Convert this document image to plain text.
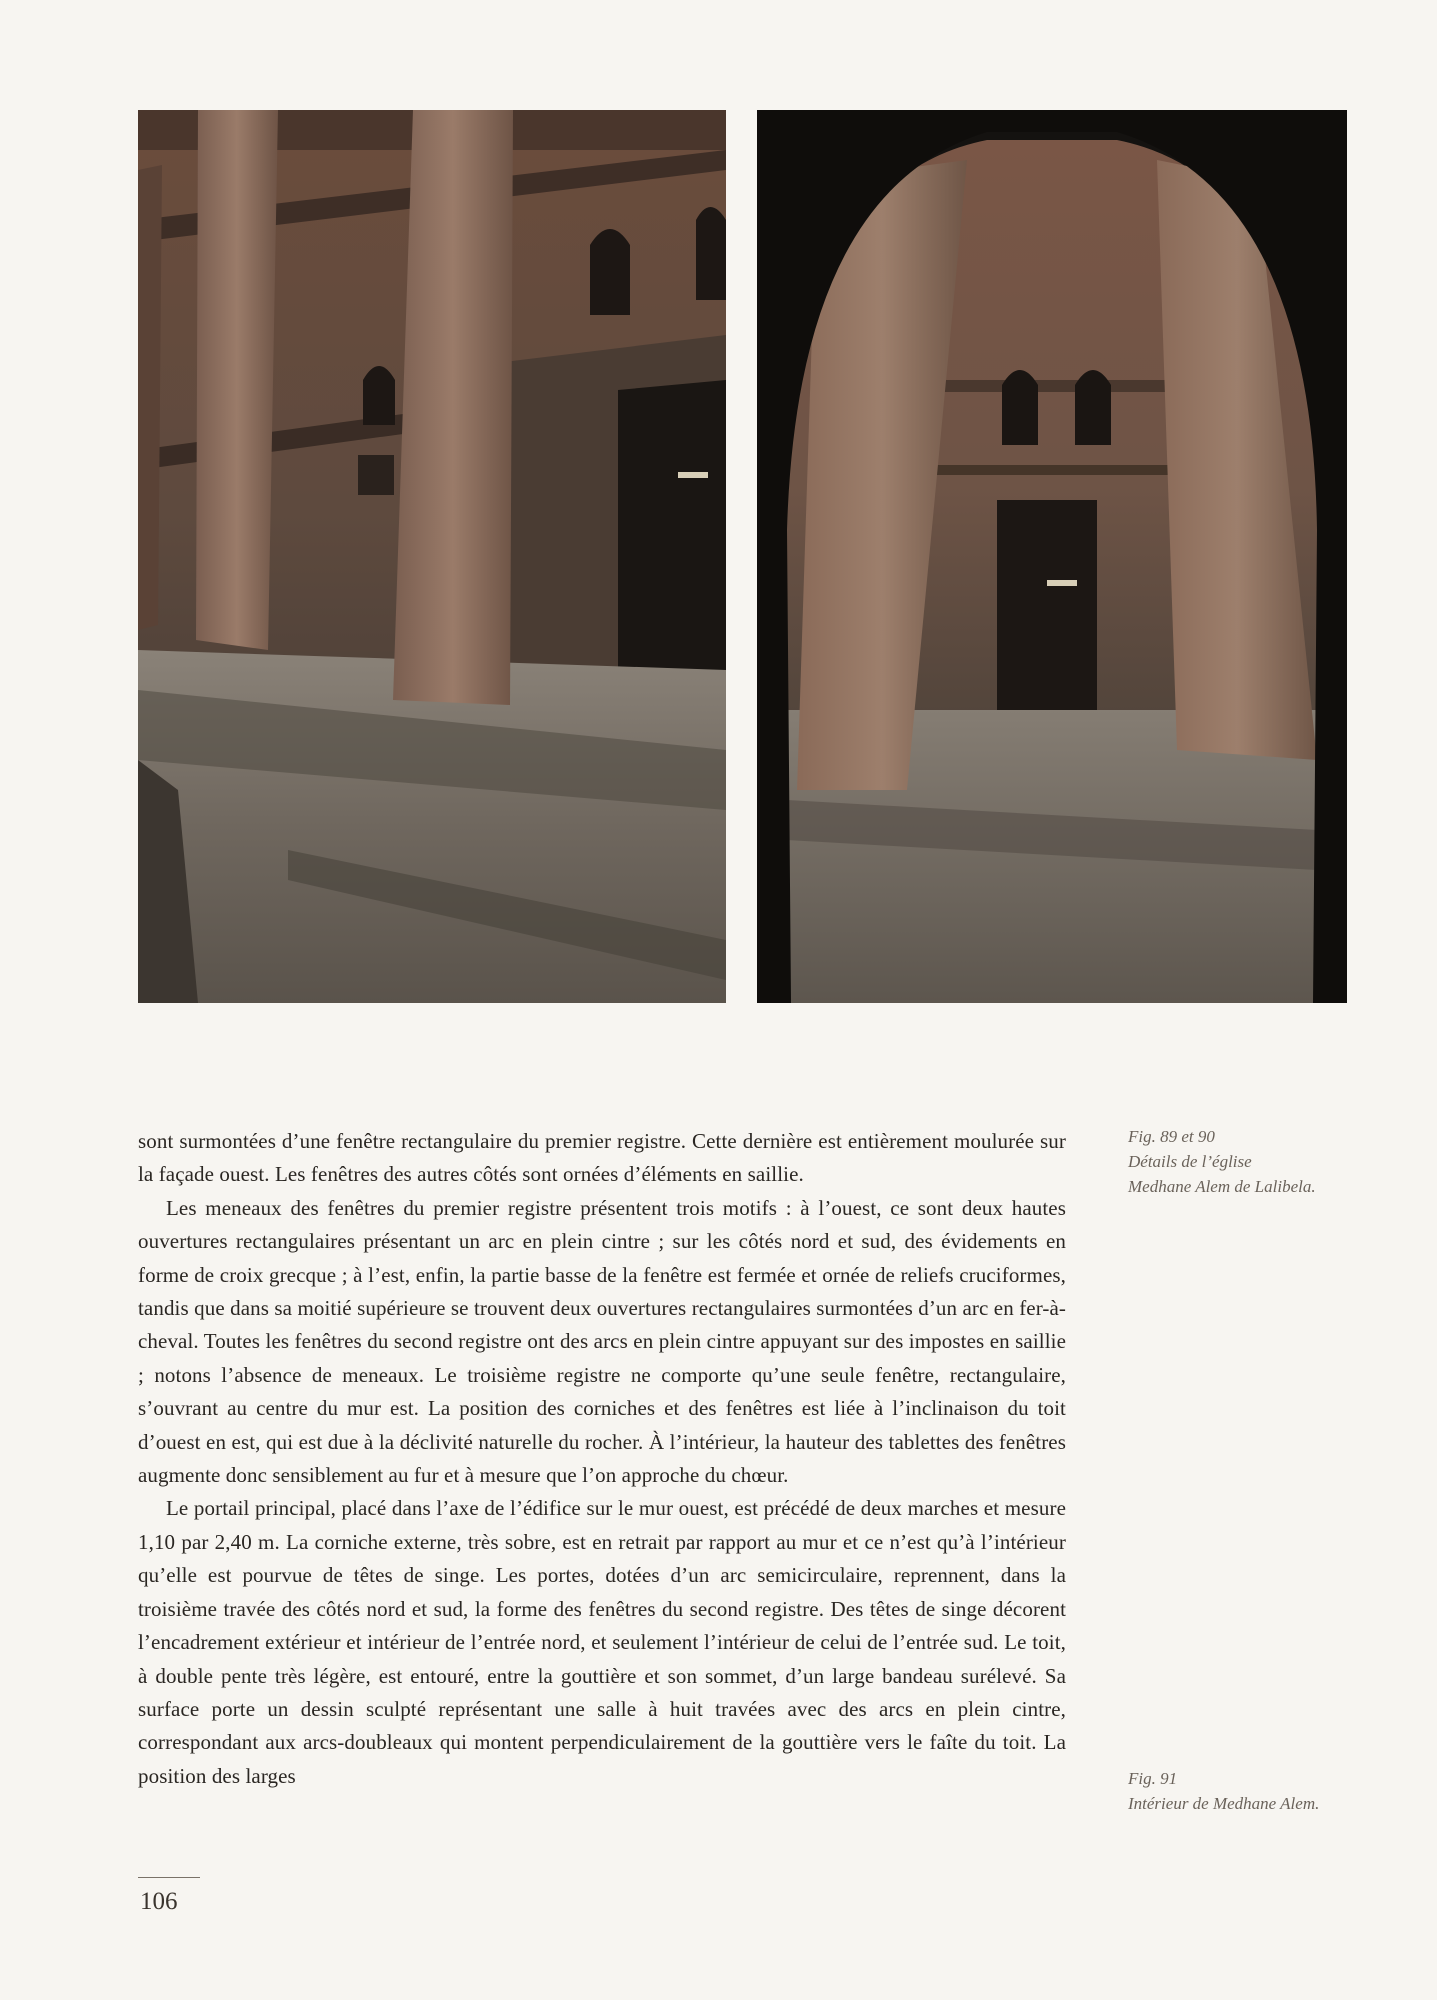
sont surmontées d’une fenêtre rectangulaire du premier registre. Cette dernière est entièrement moulurée sur la façade ouest. Les fenêtres des autres côtés sont ornées d’éléments en saillie.

Les meneaux des fenêtres du premier registre présentent trois motifs : à l’ouest, ce sont deux hautes ouvertures rectangulaires présentant un arc en plein cintre ; sur les côtés nord et sud, des évidements en forme de croix grecque ; à l’est, enfin, la partie basse de la fenêtre est fermée et ornée de reliefs cruciformes, tandis que dans sa moitié supérieure se trouvent deux ouvertures rectangulaires surmontées d’un arc en fer-à-cheval. Toutes les fenêtres du second registre ont des arcs en plein cintre appuyant sur des impostes en saillie ; notons l’absence de meneaux. Le troisième registre ne comporte qu’une seule fenêtre, rectangulaire, s’ouvrant au centre du mur est. La position des corniches et des fenêtres est liée à l’inclinaison du toit d’ouest en est, qui est due à la déclivité naturelle du rocher. À l’intérieur, la hauteur des tablettes des fenêtres augmente donc sensiblement au fur et à mesure que l’on approche du chœur.

Le portail principal, placé dans l’axe de l’édifice sur le mur ouest, est précédé de deux marches et mesure 1,10 par 2,40 m. La corniche externe, très sobre, est en retrait par rapport au mur et ce n’est qu’à l’intérieur qu’elle est pourvue de têtes de singe. Les portes, dotées d’un arc semicirculaire, reprennent, dans la troisième travée des côtés nord et sud, la forme des fenêtres du second registre. Des têtes de singe décorent l’encadrement extérieur et intérieur de l’entrée nord, et seulement l’intérieur de celui de l’entrée sud. Le toit, à double pente très légère, est entouré, entre la gouttière et son sommet, d’un large bandeau surélevé. Sa surface porte un dessin sculpté représentant une salle à huit travées avec des arcs en plein cintre, correspondant aux arcs-doubleaux qui montent perpendiculairement de la gouttière vers le faîte du toit. La position des larges

Fig. 89 et 90
Détails de l’église
Medhane Alem de Lalibela.
Fig. 91
Intérieur de Medhane Alem.
106
